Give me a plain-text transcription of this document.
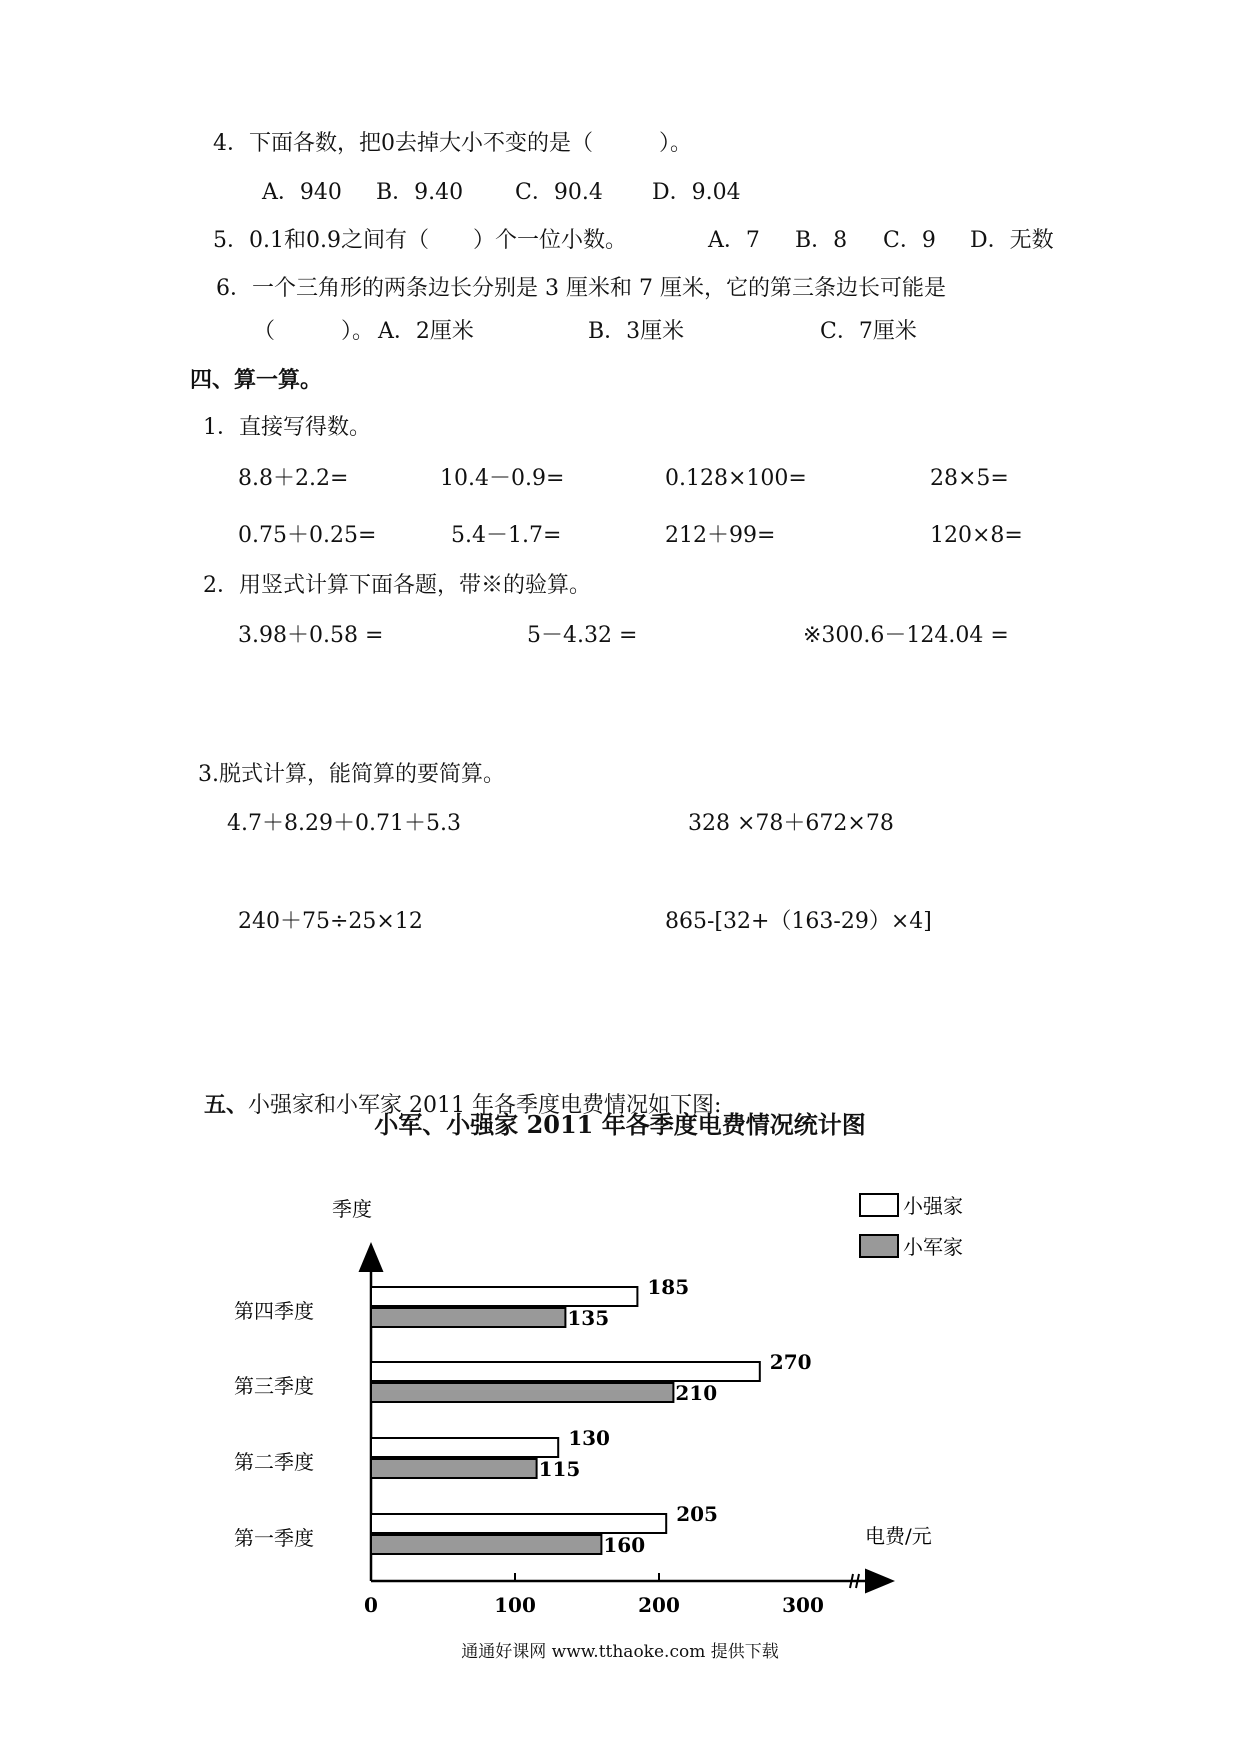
4．下面各数，把0去掉大小不变的是（　　　）。
A．940 B．9.40 C．90.4 D．9.04
5．0.1和0.9之间有（　　）个一位小数。	A．7 B．8 C．9 D．无数
6．一个三角形的两条边长分别是 3 厘米和 7 厘米，它的第三条边长可能是
（　　　）。 A．2厘米	B．3厘米	C．7厘米
四、算一算。
1．直接写得数。
8.8＋2.2=	10.4－0.9=	0.128×100=	28×5=
0.75＋0.25=	5.4－1.7=	212＋99=	120×8=
2．用竖式计算下面各题，带※的验算。
3.98＋0.58 =	5－4.32 =	※300.6－124.04 =
3.脱式计算，能简算的要简算。
4.7＋8.29＋0.71＋5.3	328 ×78＋672×78
240＋75÷25×12	865-[32+（163-29）×4]

五、小强家和小军家 2011 年各季度电费情况如下图:

小军、小强家 2011 年各季度电费情况统计图
季度
电费/元
小强家
小军家
第一季度
205
160
第二季度
130
115
第三季度
270
210
第四季度
185
135
0	100	200	300
通通好课网 www.tthaoke.com 提供下载
